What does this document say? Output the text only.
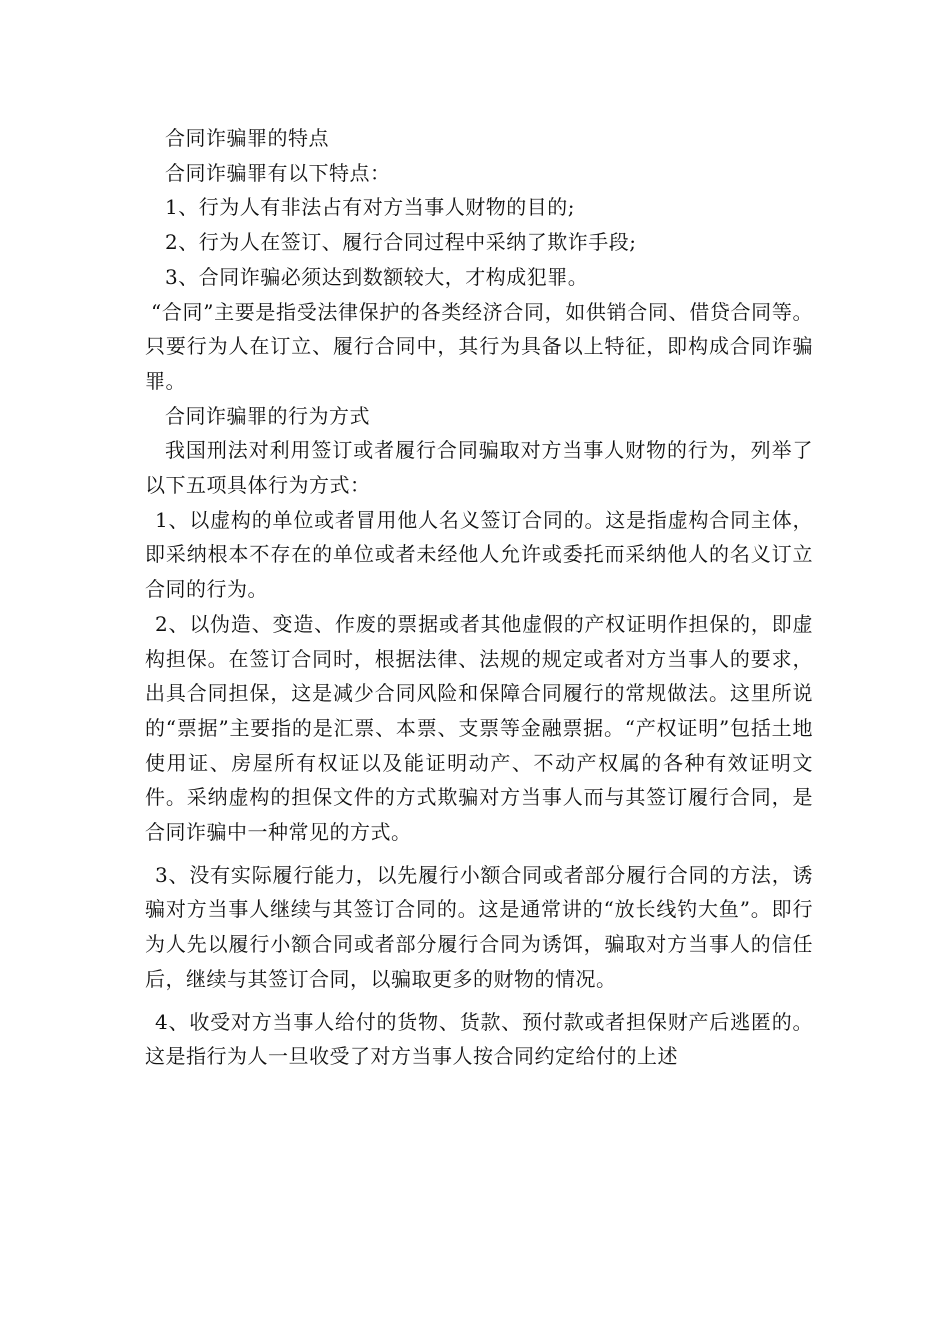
合同诈骗罪的特点

合同诈骗罪有以下特点：

1、行为人有非法占有对方当事人财物的目的;

2、行为人在签订、履行合同过程中采纳了欺诈手段;

3、合同诈骗必须达到数额较大，才构成犯罪。

“合同”主要是指受法律保护的各类经济合同，如供销合同、借贷合同等。只要行为人在订立、履行合同中，其行为具备以上特征，即构成合同诈骗罪。

合同诈骗罪的行为方式

我国刑法对利用签订或者履行合同骗取对方当事人财物的行为，列举了以下五项具体行为方式：

1、以虚构的单位或者冒用他人名义签订合同的。这是指虚构合同主体，即采纳根本不存在的单位或者未经他人允许或委托而采纳他人的名义订立合同的行为。

2、以伪造、变造、作废的票据或者其他虚假的产权证明作担保的，即虚构担保。在签订合同时，根据法律、法规的规定或者对方当事人的要求，出具合同担保，这是减少合同风险和保障合同履行的常规做法。这里所说的“票据”主要指的是汇票、本票、支票等金融票据。“产权证明”包括土地使用证、房屋所有权证以及能证明动产、不动产权属的各种有效证明文件。采纳虚构的担保文件的方式欺骗对方当事人而与其签订履行合同，是合同诈骗中一种常见的方式。

3、没有实际履行能力，以先履行小额合同或者部分履行合同的方法，诱骗对方当事人继续与其签订合同的。这是通常讲的“放长线钓大鱼”。即行为人先以履行小额合同或者部分履行合同为诱饵，骗取对方当事人的信任后，继续与其签订合同，以骗取更多的财物的情况。

4、收受对方当事人给付的货物、货款、预付款或者担保财产后逃匿的。这是指行为人一旦收受了对方当事人按合同约定给付的上述
